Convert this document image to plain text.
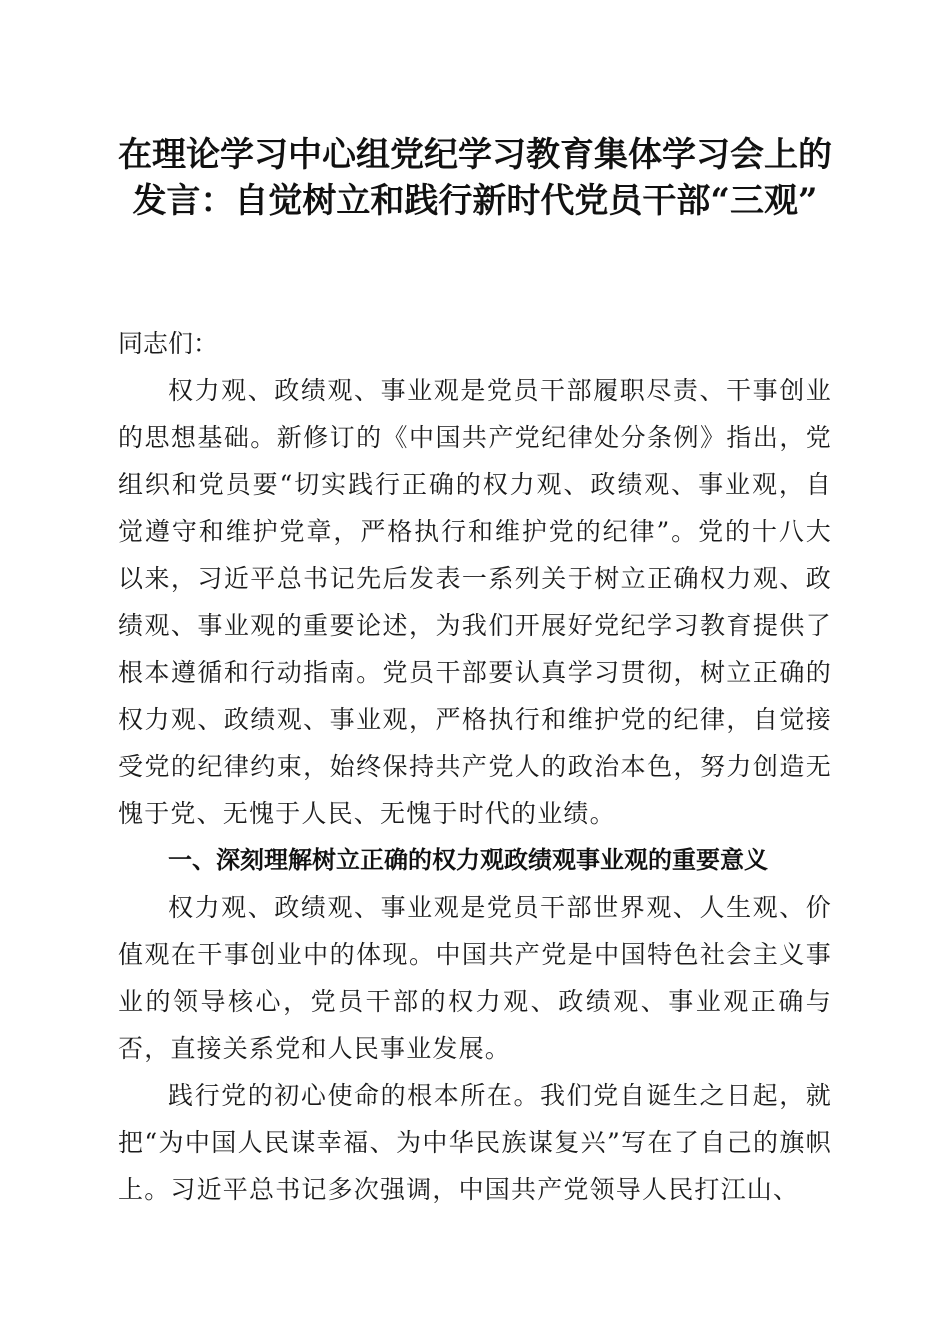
在理论学习中心组党纪学习教育集体学习会上的发言：自觉树立和践行新时代党员干部“三观”

同志们：

权力观、政绩观、事业观是党员干部履职尽责、干事创业的思想基础。新修订的《中国共产党纪律处分条例》指出，党组织和党员要“切实践行正确的权力观、政绩观、事业观，自觉遵守和维护党章，严格执行和维护党的纪律”。党的十八大以来，习近平总书记先后发表一系列关于树立正确权力观、政绩观、事业观的重要论述，为我们开展好党纪学习教育提供了根本遵循和行动指南。党员干部要认真学习贯彻，树立正确的权力观、政绩观、事业观，严格执行和维护党的纪律，自觉接受党的纪律约束，始终保持共产党人的政治本色，努力创造无愧于党、无愧于人民、无愧于时代的业绩。

一、深刻理解树立正确的权力观政绩观事业观的重要意义

权力观、政绩观、事业观是党员干部世界观、人生观、价值观在干事创业中的体现。中国共产党是中国特色社会主义事业的领导核心，党员干部的权力观、政绩观、事业观正确与否，直接关系党和人民事业发展。

践行党的初心使命的根本所在。我们党自诞生之日起，就把“为中国人民谋幸福、为中华民族谋复兴”写在了自己的旗帜上。习近平总书记多次强调，中国共产党领导人民打江山、
